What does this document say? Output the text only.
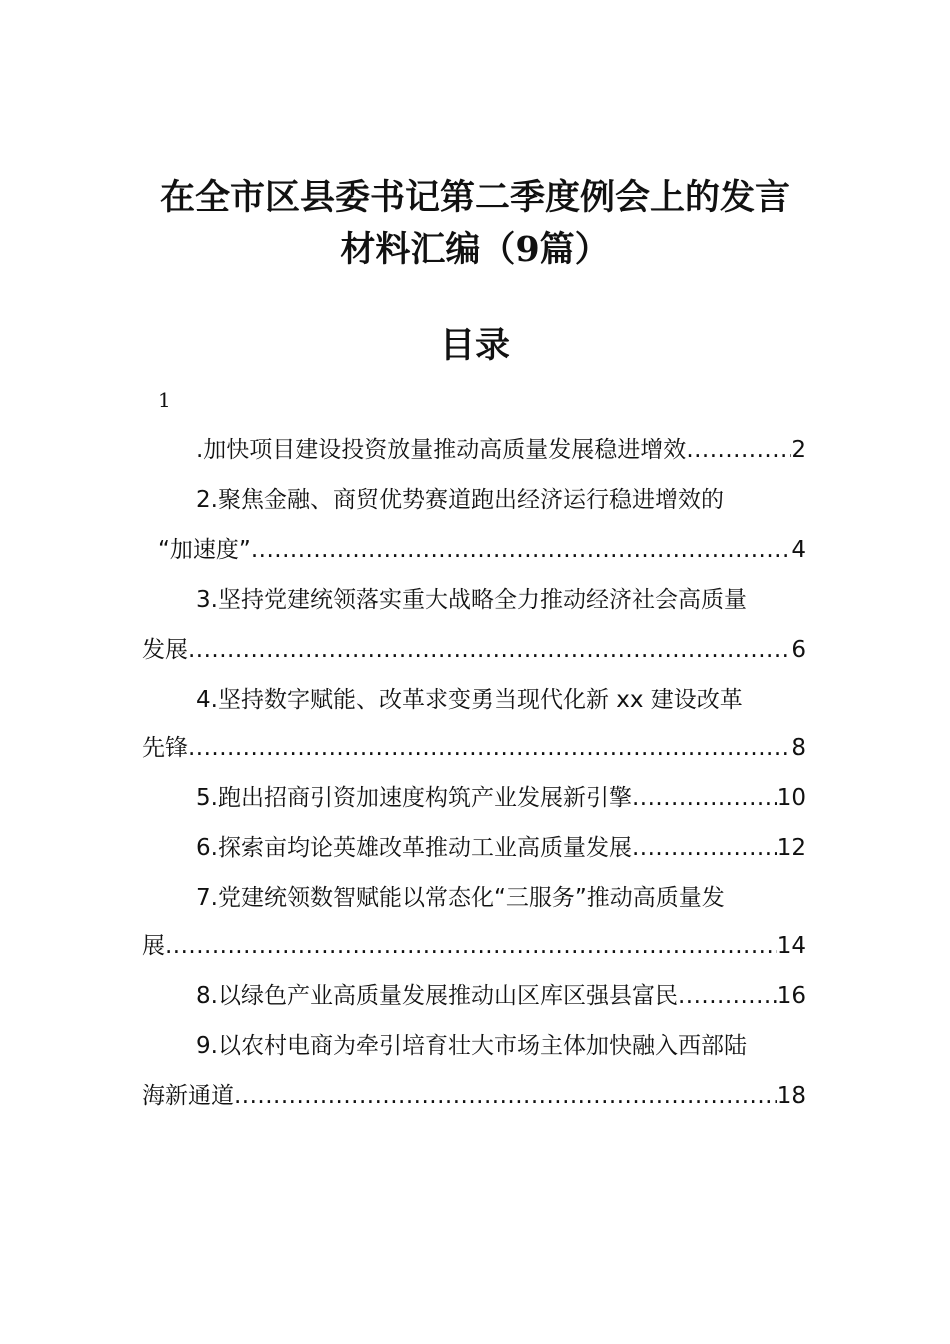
在全市区县委书记第二季度例会上的发言
材料汇编（9篇）
目录
1
.加快项目建设投资放量推动高质量发展稳进增效 .....	2
2.聚焦金融、商贸优势赛道跑出经济运行稳进增效的
“加速度” .....	4
3.坚持党建统领落实重大战略全力推动经济社会高质量
发展 .....	6
4.坚持数字赋能、改革求变勇当现代化新 xx 建设改革
先锋 .....	8
5.跑出招商引资加速度构筑产业发展新引擎 .....	10
6.探索亩均论英雄改革推动工业高质量发展 .....	12
7.党建统领数智赋能以常态化“三服务”推动高质量发
展 .....	14
8.以绿色产业高质量发展推动山区库区强县富民 .....	16
9.以农村电商为牵引培育壮大市场主体加快融入西部陆
海新通道 .....	18
